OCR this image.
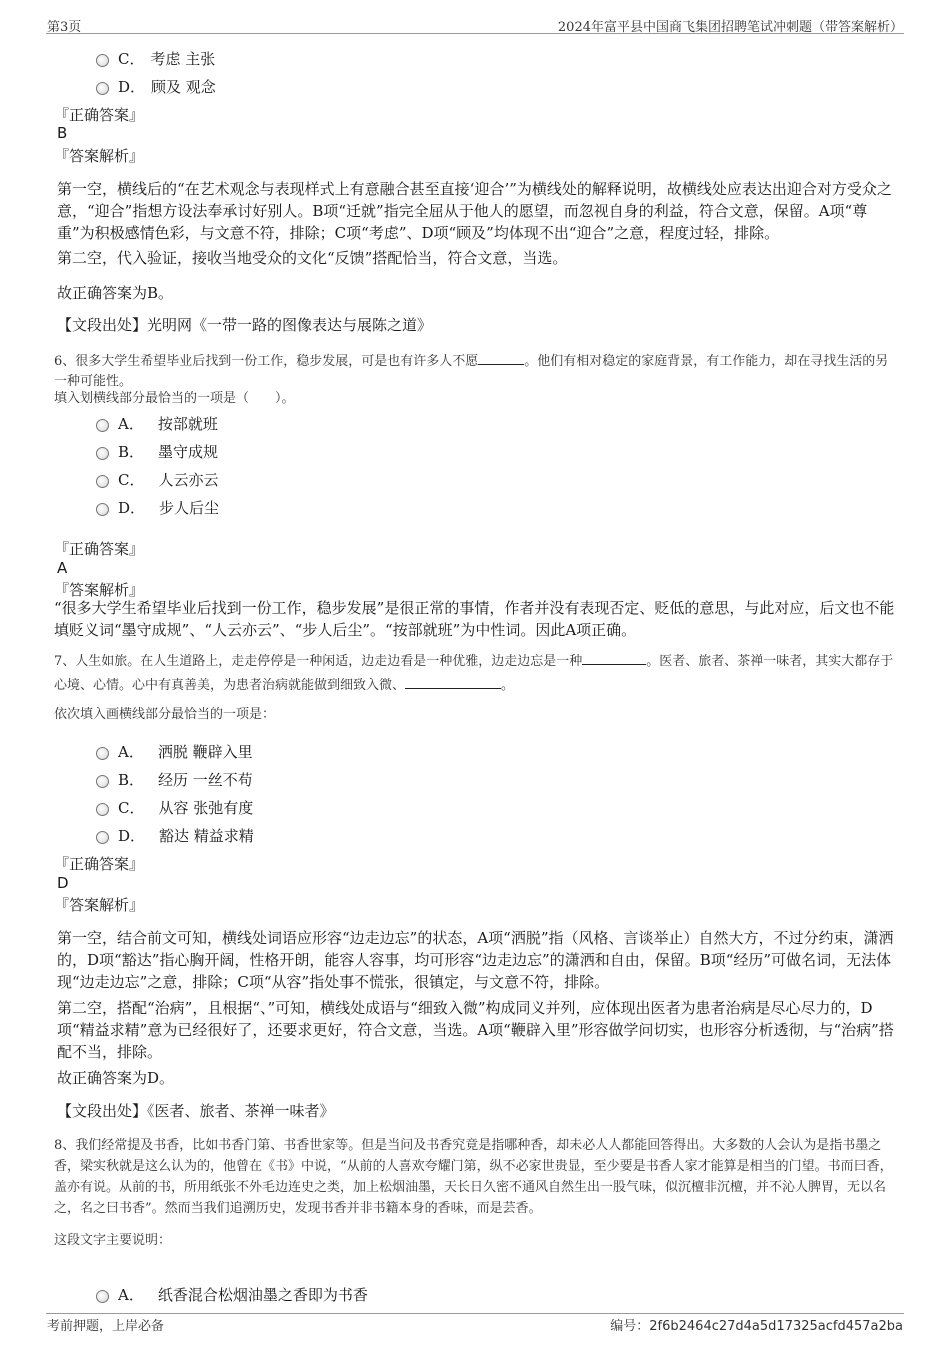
第3页	2024年富平县中国商飞集团招聘笔试冲刺题（带答案解析）
C． 考虑 主张
D． 顾及 观念
『正确答案』
B
『答案解析』
第一空，横线后的“在艺术观念与表现样式上有意融合甚至直接‘迎合’”为横线处的解释说明，故横线处应表达出迎合对方受众之意，“迎合”指想方设法奉承讨好别人。B项“迁就”指完全屈从于他人的愿望，而忽视自身的利益，符合文意，保留。A项“尊重”为积极感情色彩，与文意不符，排除；C项“考虑”、D项“顾及”均体现不出“迎合”之意，程度过轻，排除。
第二空，代入验证，接收当地受众的文化“反馈”搭配恰当，符合文意，当选。
故正确答案为B。
【文段出处】光明网《一带一路的图像表达与展陈之道》
6、很多大学生希望毕业后找到一份工作，稳步发展，可是也有许多人不愿	。他们有相对稳定的家庭背景，有工作能力，却在寻找生活的另一种可能性。
填入划横线部分最恰当的一项是（　　）。
A． 按部就班
B． 墨守成规
C． 人云亦云
D． 步人后尘
『正确答案』
A
『答案解析』
“很多大学生希望毕业后找到一份工作，稳步发展”是很正常的事情，作者并没有表现否定、贬低的意思，与此对应，后文也不能填贬义词“墨守成规”、“人云亦云”、“步人后尘”。“按部就班”为中性词。因此A项正确。
7、人生如旅。在人生道路上，走走停停是一种闲适，边走边看是一种优雅，边走边忘是一种	。医者、旅者、茶禅一味者，其实大都存于心境、心情。心中有真善美，为患者治病就能做到细致入微、	。
依次填入画横线部分最恰当的一项是：
A． 洒脱 鞭辟入里
B． 经历 一丝不苟
C． 从容 张弛有度
D． 豁达 精益求精
『正确答案』
D
『答案解析』
第一空，结合前文可知，横线处词语应形容“边走边忘”的状态，A项“洒脱”指（风格、言谈举止）自然大方，不过分约束，潇洒的，D项“豁达”指心胸开阔，性格开朗，能容人容事，均可形容“边走边忘”的潇洒和自由，保留。B项“经历”可做名词，无法体现“边走边忘”之意，排除；C项“从容”指处事不慌张，很镇定，与文意不符，排除。
第二空，搭配“治病”，且根据“、”可知，横线处成语与“细致入微”构成同义并列，应体现出医者为患者治病是尽心尽力的，D项“精益求精”意为已经很好了，还要求更好，符合文意，当选。A项“鞭辟入里”形容做学问切实，也形容分析透彻，与“治病”搭配不当，排除。
故正确答案为D。
【文段出处】《医者、旅者、茶禅一味者》
8、我们经常提及书香，比如书香门第、书香世家等。但是当问及书香究竟是指哪种香，却未必人人都能回答得出。大多数的人会认为是指书墨之香，梁实秋就是这么认为的，他曾在《书》中说，“从前的人喜欢夸耀门第，纵不必家世贵显，至少要是书香人家才能算是相当的门望。书而曰香，盖亦有说。从前的书，所用纸张不外毛边连史之类，加上松烟油墨，天长日久密不通风自然生出一股气味，似沉檀非沉檀，并不沁人脾胃，无以名之，名之曰书香”。然而当我们追溯历史，发现书香并非书籍本身的香味，而是芸香。
这段文字主要说明：
A． 纸香混合松烟油墨之香即为书香
考前押题，上岸必备	编号：2f6b2464c27d4a5d17325acfd457a2ba
